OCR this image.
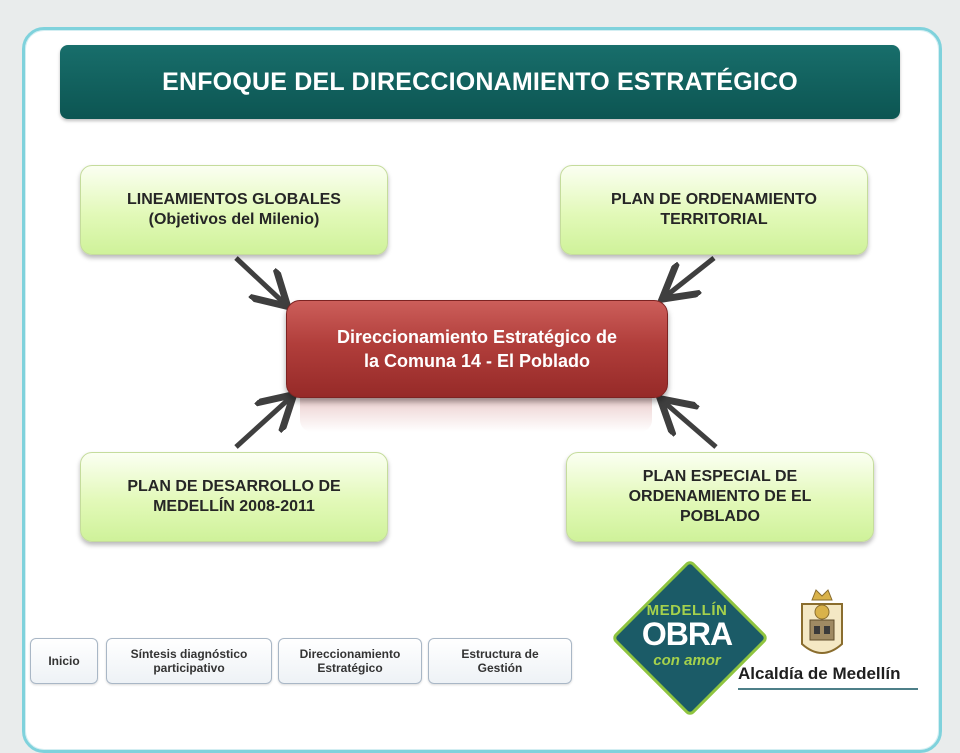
ENFOQUE DEL DIRECCIONAMIENTO ESTRATÉGICO
LINEAMIENTOS GLOBALES
(Objetivos del Milenio)
PLAN DE ORDENAMIENTO
TERRITORIAL
Direccionamiento Estratégico de
la Comuna 14 - El Poblado
PLAN DE DESARROLLO DE
MEDELLÍN 2008-2011
PLAN ESPECIAL DE
ORDENAMIENTO DE EL
POBLADO
Inicio	Síntesis diagnóstico
participativo
Direccionamiento
Estratégico
Estructura de
Gestión
MEDELLÍN
OBRA
con amor
Alcaldía de Medellín
